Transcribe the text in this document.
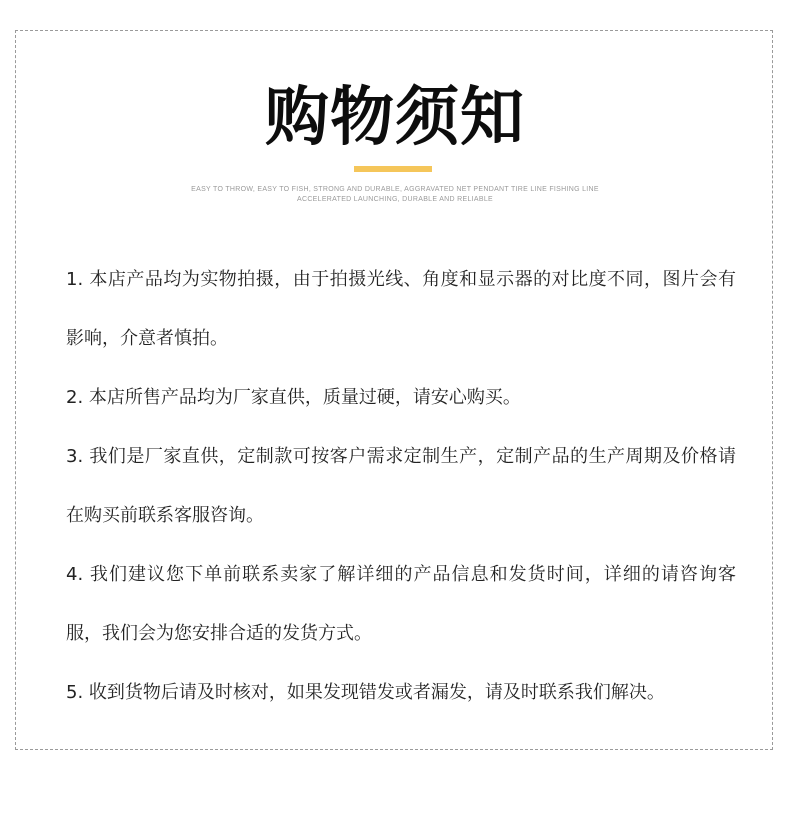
购物须知
EASY TO THROW, EASY TO FISH, STRONG AND DURABLE, AGGRAVATED NET PENDANT TIRE LINE FISHING LINE
ACCELERATED LAUNCHING, DURABLE AND RELIABLE
1. 本店产品均为实物拍摄，由于拍摄光线、角度和显示器的对比度不同，图片会有影响，介意者慎拍。
2. 本店所售产品均为厂家直供，质量过硬，请安心购买。
3. 我们是厂家直供，定制款可按客户需求定制生产，定制产品的生产周期及价格请在购买前联系客服咨询。
4. 我们建议您下单前联系卖家了解详细的产品信息和发货时间，详细的请咨询客服，我们会为您安排合适的发货方式。
5. 收到货物后请及时核对，如果发现错发或者漏发，请及时联系我们解决。
